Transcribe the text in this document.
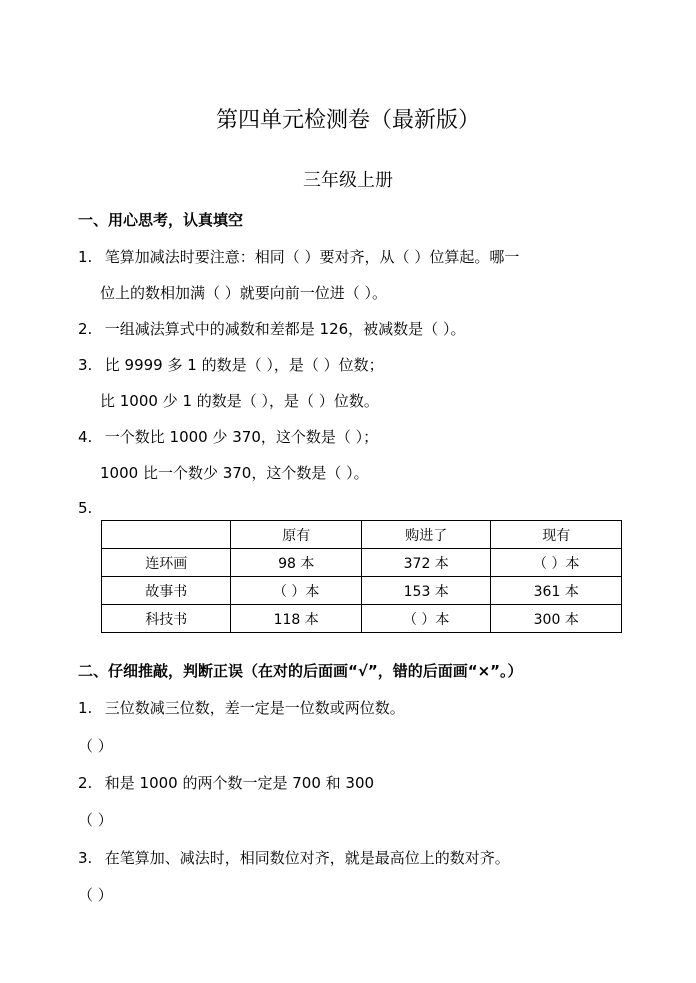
第四单元检测卷（最新版）
三年级上册
一、用心思考，认真填空
1. 笔算加减法时要注意：相同（ ）要对齐，从（ ）位算起。哪一
位上的数相加满（ ）就要向前一位进（ ）。
2. 一组减法算式中的减数和差都是 126，被减数是（ ）。
3. 比 9999 多 1 的数是（ ），是（ ）位数；
比 1000 少 1 的数是（ ），是（ ）位数。
4. 一个数比 1000 少 370，这个数是（ ）；
1000 比一个数少 370，这个数是（ ）。
5.
	原有	购进了	现有
连环画	98 本	372 本	（ ）本
故事书	（ ）本	153 本	361 本
科技书	118 本	（ ）本	300 本
二、仔细推敲，判断正误（在对的后面画“√”，错的后面画“×”。）
1. 三位数减三位数，差一定是一位数或两位数。
（ ）
2. 和是 1000 的两个数一定是 700 和 300
（ ）
3. 在笔算加、减法时，相同数位对齐，就是最高位上的数对齐。
（ ）
